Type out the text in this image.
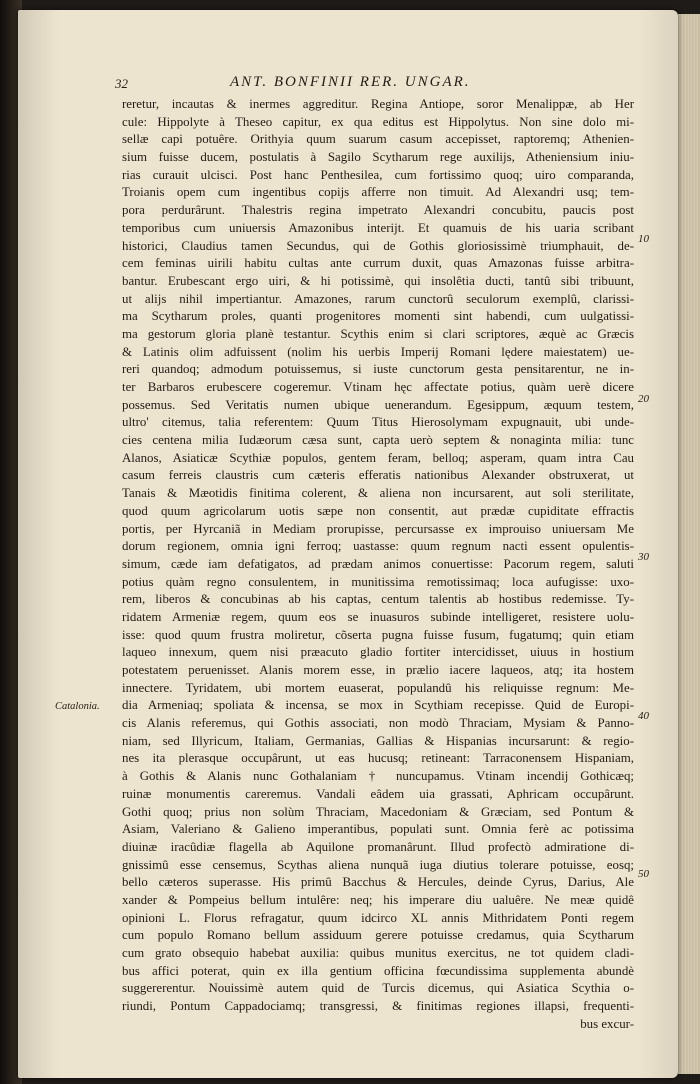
32	ANT. BONFINII RER. UNGAR.
reretur, incautas & inermes aggreditur. Regina Antiope, soror Menalippæ, ab Her
cule: Hippolyte à Theseo capitur, ex qua editus est Hippolytus. Non sine dolo mi-
sellæ capi potuêre. Orithyia quum suarum casum accepisset, raptoremq; Athenien-
sium fuisse ducem, postulatis à Sagilo Scytharum rege auxilijs, Atheniensium iniu-
rias curauit ulcisci. Post hanc Penthesilea, cum fortissimo quoq; uiro comparanda,
Troianis opem cum ingentibus copijs afferre non timuit. Ad Alexandri usq; tem-
pora perdurârunt. Thalestris regina impetrato Alexandri concubitu, paucis post
temporibus cum uniuersis Amazonibus interijt. Et quamuis de his uaria scribant
historici, Claudius tamen Secundus, qui de Gothis gloriosissimè triumphauit, de-
cem feminas uirili habitu cultas ante currum duxit, quas Amazonas fuisse arbitra-
bantur. Erubescant ergo uiri, & hi potissimè, qui insolêtia ducti, tantû sibi tribuunt,
ut alijs nihil impertiantur. Amazones, rarum cunctorû seculorum exemplû, clarissi-
ma Scytharum proles, quanti progenitores momenti sint habendi, cum uulgatissi-
ma gestorum gloria planè testantur. Scythis enim si clari scriptores, æquè ac Græcis
& Latinis olim adfuissent (nolim his uerbis Imperij Romani lędere maiestatem) ue-
reri quandoq; admodum potuissemus, si iuste cunctorum gesta pensitarentur, ne in-
ter Barbaros erubescere cogeremur. Vtinam hęc affectate potius, quàm uerè dicere
possemus. Sed Veritatis numen ubique uenerandum. Egesippum, æquum testem,
ultro' citemus, talia referentem: Quum Titus Hierosolymam expugnauit, ubi unde-
cies centena milia Iudæorum cæsa sunt, capta uerò septem & nonaginta milia: tunc
Alanos, Asiaticæ Scythiæ populos, gentem feram, belloq; asperam, quam intra Cau
casum ferreis claustris cum cæteris efferatis nationibus Alexander obstruxerat, ut
Tanais & Mæotidis finitima colerent, & aliena non incursarent, aut soli sterilitate,
quod quum agricolarum uotis sæpe non consentit, aut prædæ cupiditate effractis
portis, per Hyrcaniã in Mediam prorupisse, percursasse ex improuiso uniuersam Me
dorum regionem, omnia igni ferroq; uastasse: quum regnum nacti essent opulentis-
simum, cæde iam defatigatos, ad prædam animos conuertisse: Pacorum regem, saluti
potius quàm regno consulentem, in munitissima remotissimaq; loca aufugisse: uxo-
rem, liberos & concubinas ab his captas, centum talentis ab hostibus redemisse. Ty-
ridatem Armeniæ regem, quum eos se inuasuros subinde intelligeret, resistere uolu-
isse: quod quum frustra moliretur, cõserta pugna fuisse fusum, fugatumq; quin etiam
laqueo innexum, quem nisi præacuto gladio fortiter intercidisset, uiuus in hostium
potestatem peruenisset. Alanis morem esse, in prælio iacere laqueos, atq; ita hostem
innectere. Tyridatem, ubi mortem euaserat, populandû his reliquisse regnum: Me-
dia Armeniaq; spoliata & incensa, se mox in Scythiam recepisse. Quid de Europi-
cis Alanis referemus, qui Gothis associati, non modò Thraciam, Mysiam & Panno-
niam, sed Illyricum, Italiam, Germanias, Gallias & Hispanias incursarunt: & regio-
nes ita plerasque occupârunt, ut eas hucusq; retineant: Tarraconensem Hispaniam,
à Gothis & Alanis nunc Gothalaniam † nuncupamus. Vtinam incendij Gothicæq;
ruinæ monumentis careremus. Vandali eâdem uia grassati, Aphricam occupârunt.
Gothi quoq; prius non solùm Thraciam, Macedoniam & Græciam, sed Pontum &
Asiam, Valeriano & Galieno imperantibus, populati sunt. Omnia ferè ac potissima
diuinæ iracûdiæ flagella ab Aquilone promanârunt. Illud profectò admiratione di-
gnissimû esse censemus, Scythas aliena nunquã iuga diutius tolerare potuisse, eosq;
bello cæteros superasse. His primû Bacchus & Hercules, deinde Cyrus, Darius, Ale
xander & Pompeius bellum intulêre: neq; his imperare diu ualuêre. Ne meæ quidê
opinioni L. Florus refragatur, quum idcirco XL annis Mithridatem Ponti regem
cum populo Romano bellum assiduum gerere potuisse credamus, quia Scytharum
cum grato obsequio habebat auxilia: quibus munitus exercitus, ne tot quidem cladi-
bus affici poterat, quin ex illa gentium officina fœcundissima supplementa abundè
suggererentur. Nouissimè autem quid de Turcis dicemus, qui Asiatica Scythia o-
riundi, Pontum Cappadociamq; transgressi, & finitimas regiones illapsi, frequenti-
bus excur-
10
20
30
40
50
Catalonia.
